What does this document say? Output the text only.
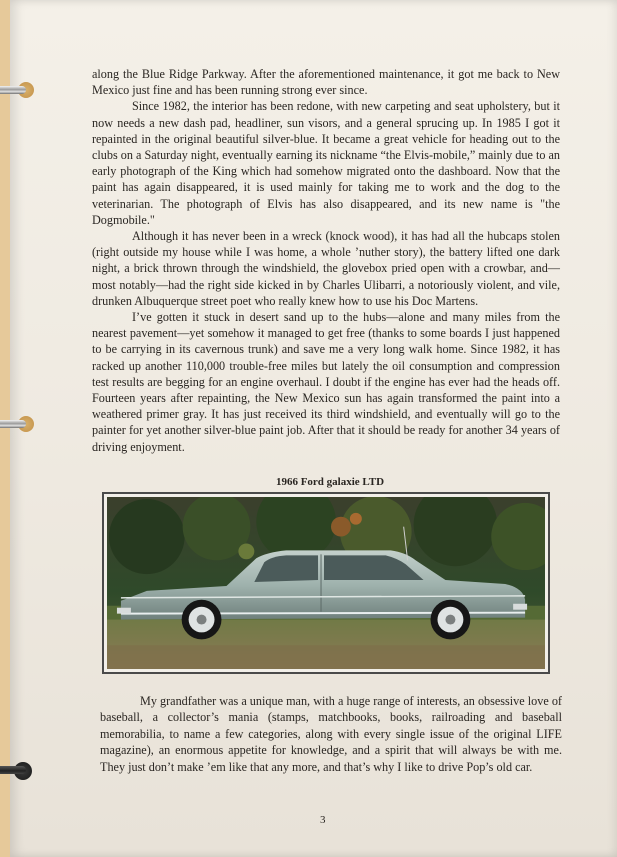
along the Blue Ridge Parkway. After the aforementioned maintenance, it got me back to New Mexico just fine and has been running strong ever since.

Since 1982, the interior has been redone, with new carpeting and seat upholstery, but it now needs a new dash pad, headliner, sun visors, and a general sprucing up. In 1985 I got it repainted in the original beautiful silver-blue. It became a great vehicle for heading out to the clubs on a Saturday night, eventually earning its nickname “the Elvis-mobile,” mainly due to an early photograph of the King which had somehow migrated onto the dashboard. Now that the paint has again disappeared, it is used mainly for taking me to work and the dog to the veterinarian. The photograph of Elvis has also disappeared, and its new name is "the Dogmobile."

Although it has never been in a wreck (knock wood), it has had all the hubcaps stolen (right outside my house while I was home, a whole ’nuther story), the battery lifted one dark night, a brick thrown through the windshield, the glovebox pried open with a crowbar, and—most notably—had the right side kicked in by Charles Ulibarri, a notoriously violent, and vile, drunken Albuquerque street poet who really knew how to use his Doc Martens.

I’ve gotten it stuck in desert sand up to the hubs—alone and many miles from the nearest pavement—yet somehow it managed to get free (thanks to some boards I just happened to be carrying in its cavernous trunk) and save me a very long walk home. Since 1982, it has racked up another 110,000 trouble-free miles but lately the oil consumption and compression test results are begging for an engine overhaul. I doubt if the engine has ever had the heads off. Fourteen years after repainting, the New Mexico sun has again transformed the paint into a weathered primer gray. It has just received its third windshield, and eventually will go to the painter for yet another silver-blue paint job. After that it should be ready for another 34 years of driving enjoyment.

1966 Ford galaxie LTD

My grandfather was a unique man, with a huge range of interests, an obsessive love of baseball, a collector’s mania (stamps, matchbooks, books, railroading and baseball memorabilia, to name a few categories, along with every single issue of the original LIFE magazine), an enormous appetite for knowledge, and a spirit that will always be with me. They just don’t make ’em like that any more, and that’s why I like to drive Pop’s old car.

3
